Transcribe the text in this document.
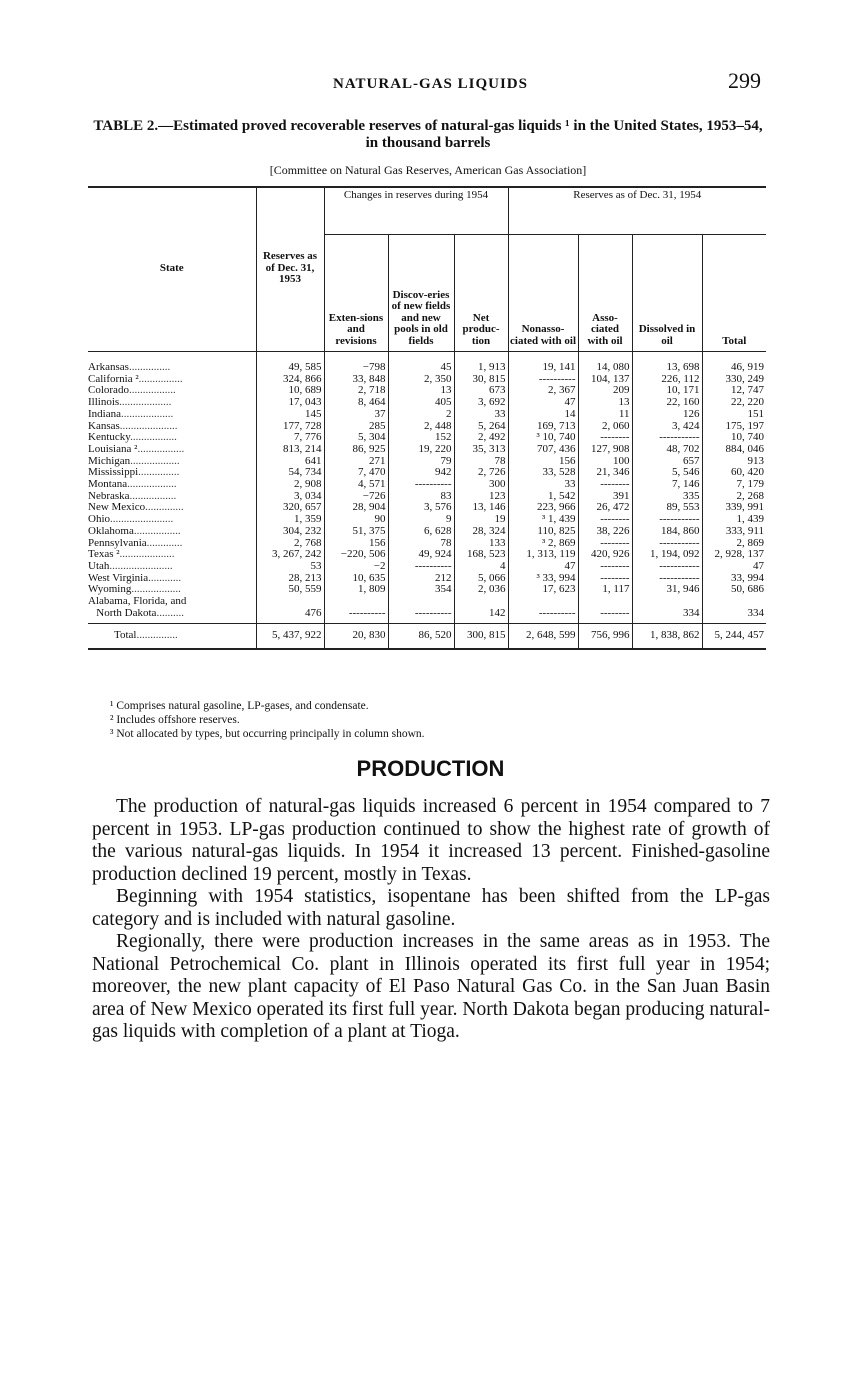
NATURAL-GAS LIQUIDS	299
TABLE 2.—Estimated proved recoverable reserves of natural-gas liquids ¹ in the United States, 1953–54, in thousand barrels
[Committee on Natural Gas Reserves, American Gas Association]
State	Reserves as of Dec. 31, 1953	Changes in reserves during 1954			Reserves as of Dec. 31, 1954			
		Exten-sions and revisions	Discov-eries of new fields and new pools in old fields	Net produc-tion	Nonasso-ciated with oil	Asso-ciated with oil	Dissolved in oil	Total
Arkansas...............	49, 585	−798	45	1, 913	19, 141	14, 080	13, 698	46, 919
California ²................	324, 866	33, 848	2, 350	30, 815	----------	104, 137	226, 112	330, 249
Colorado.................	10, 689	2, 718	13	673	2, 367	209	10, 171	12, 747
Illinois...................	17, 043	8, 464	405	3, 692	47	13	22, 160	22, 220
Indiana...................	145	37	2	33	14	11	126	151
Kansas.....................	177, 728	285	2, 448	5, 264	169, 713	2, 060	3, 424	175, 197
Kentucky.................	7, 776	5, 304	152	2, 492	³ 10, 740	--------	-----------	10, 740
Louisiana ².................	813, 214	86, 925	19, 220	35, 313	707, 436	127, 908	48, 702	884, 046
Michigan..................	641	271	79	78	156	100	657	913
Mississippi...............	54, 734	7, 470	942	2, 726	33, 528	21, 346	5, 546	60, 420
Montana..................	2, 908	4, 571	----------	300	33	--------	7, 146	7, 179
Nebraska.................	3, 034	−726	83	123	1, 542	391	335	2, 268
New Mexico..............	320, 657	28, 904	3, 576	13, 146	223, 966	26, 472	89, 553	339, 991
Ohio.......................	1, 359	90	9	19	³ 1, 439	--------	-----------	1, 439
Oklahoma.................	304, 232	51, 375	6, 628	28, 324	110, 825	38, 226	184, 860	333, 911
Pennsylvania.............	2, 768	156	78	133	³ 2, 869	--------	-----------	2, 869
Texas ²....................	3, 267, 242	−220, 506	49, 924	168, 523	1, 313, 119	420, 926	1, 194, 092	2, 928, 137
Utah.......................	53	−2	----------	4	47	--------	-----------	47
West Virginia............	28, 213	10, 635	212	5, 066	³ 33, 994	--------	-----------	33, 994
Wyoming..................	50, 559	1, 809	354	2, 036	17, 623	1, 117	31, 946	50, 686
Alabama, Florida, and
North Dakota..........	476	----------	----------	142	----------	--------	334	334
Total...............	5, 437, 922	20, 830	86, 520	300, 815	2, 648, 599	756, 996	1, 838, 862	5, 244, 457
¹ Comprises natural gasoline, LP-gases, and condensate.
² Includes offshore reserves.
³ Not allocated by types, but occurring principally in column shown.
PRODUCTION

The production of natural-gas liquids increased 6 percent in 1954 compared to 7 percent in 1953. LP-gas production continued to show the highest rate of growth of the various natural-gas liquids. In 1954 it increased 13 percent. Finished-gasoline production declined 19 percent, mostly in Texas.

Beginning with 1954 statistics, isopentane has been shifted from the LP-gas category and is included with natural gasoline.

Regionally, there were production increases in the same areas as in 1953. The National Petrochemical Co. plant in Illinois operated its first full year in 1954; moreover, the new plant capacity of El Paso Natural Gas Co. in the San Juan Basin area of New Mexico operated its first full year. North Dakota began producing natural-gas liquids with completion of a plant at Tioga.
